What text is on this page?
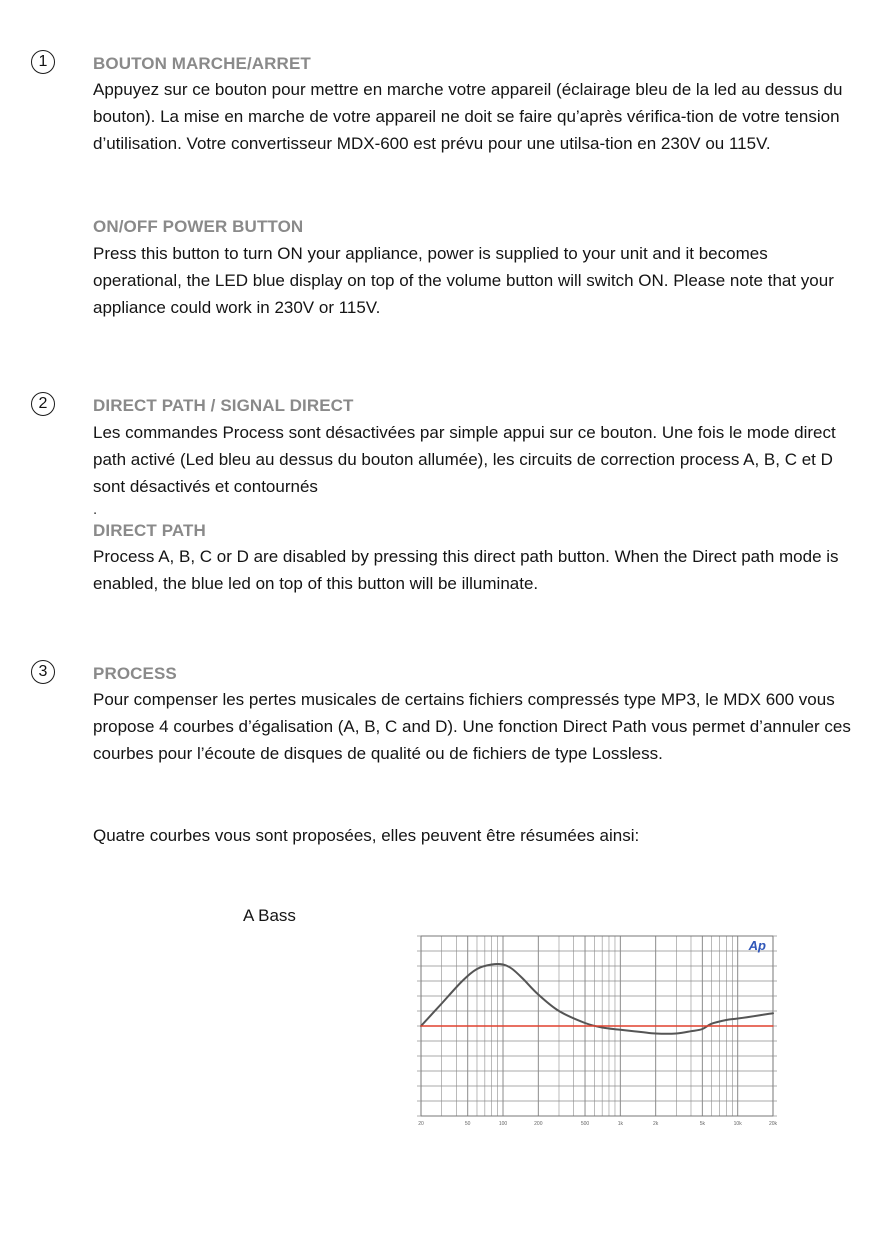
1	BOUTON MARCHE/ARRET

Appuyez sur ce bouton pour mettre en marche votre appareil (éclairage bleu de la led au dessus du bouton). La mise en marche de votre appareil ne doit se faire qu’après vérifica-tion de votre tension d’utilisation. Votre convertisseur MDX-600 est prévu pour une utilsa-tion en 230V ou 115V.

ON/OFF POWER BUTTON

Press this button to turn ON your appliance, power is supplied to your unit and it becomes operational, the LED blue display on top of the volume button will switch ON. Please note that your appliance could work in 230V or 115V.

2	DIRECT PATH / SIGNAL DIRECT

Les commandes Process sont désactivées par simple appui sur ce bouton. Une fois le mode direct path activé (Led bleu au dessus du bouton allumée), les circuits de correction process A, B, C et D sont désactivés et contournés

.
DIRECT PATH

Process A, B, C or D are disabled by pressing this direct path button. When the Direct path mode is enabled, the blue led on top of this button will be illuminate.

3	PROCESS

Pour compenser les pertes musicales de certains fichiers compressés type MP3, le MDX 600 vous propose 4 courbes d’égalisation (A, B, C and D). Une fonction Direct Path vous permet d’annuler ces courbes pour l’écoute de disques de qualité ou de fichiers de type Lossless.

Quatre courbes vous sont proposées, elles peuvent être résumées ainsi:

A Bass
20	50	100	200	500	1k	2k	5k	10k	20k
Ap
